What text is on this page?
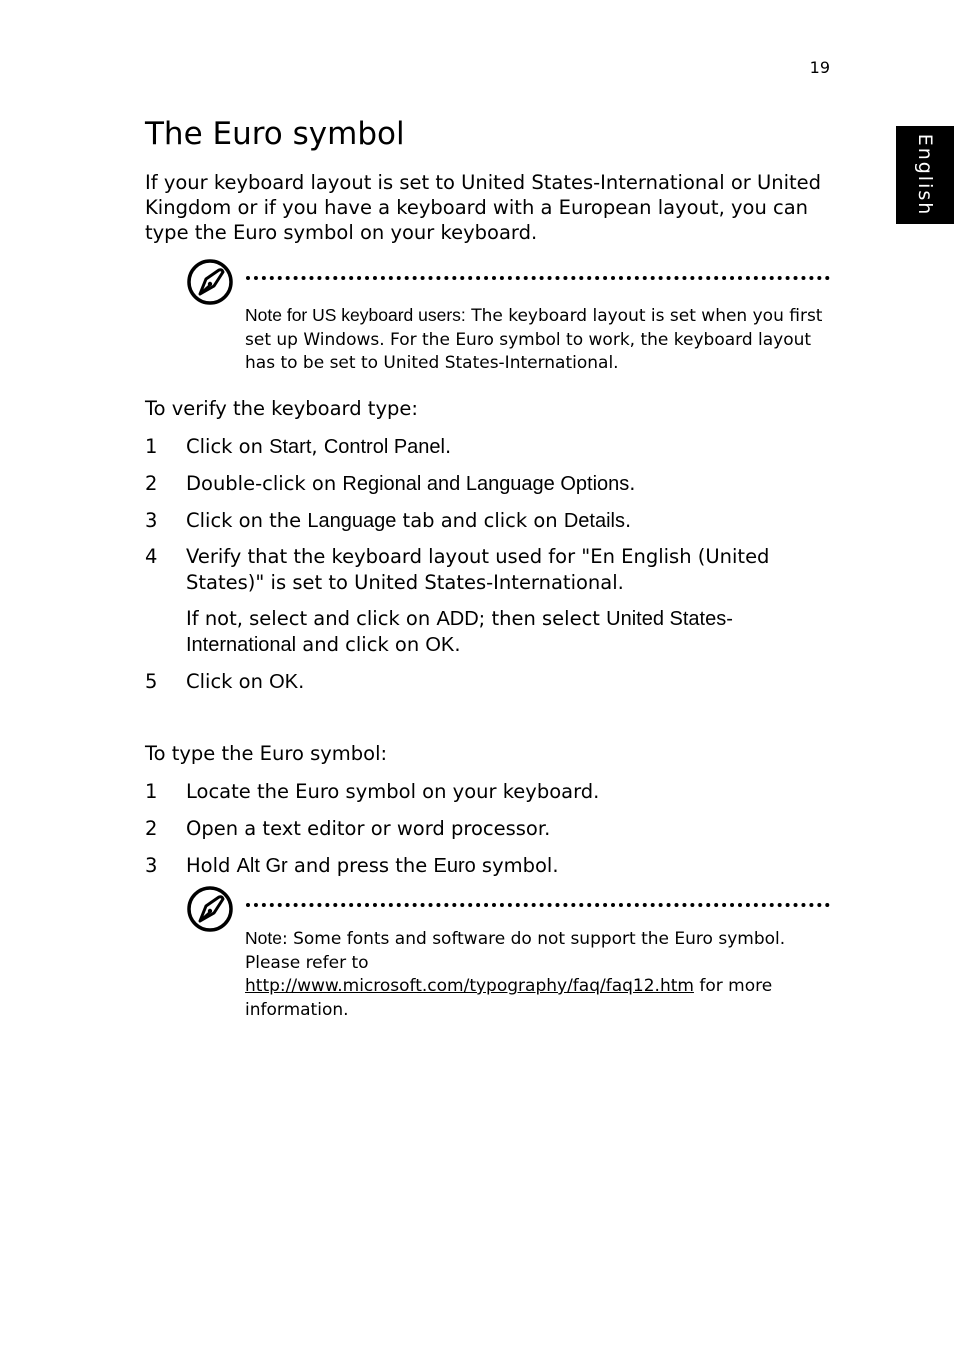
19
English
The Euro symbol

If your keyboard layout is set to United States-International or United Kingdom or if you have a keyboard with a European layout, you can type the Euro symbol on your keyboard.

Note for US keyboard users: The keyboard layout is set when you first set up Windows. For the Euro symbol to work, the keyboard layout has to be set to United States-International.

To verify the keyboard type:

1	Click on Start, Control Panel.
2	Double-click on Regional and Language Options.
3	Click on the Language tab and click on Details.
4	Verify that the keyboard layout used for "En English (United States)" is set to United States-International.
If not, select and click on ADD; then select United States-International and click on OK.
5	Click on OK.

To type the Euro symbol:

1	Locate the Euro symbol on your keyboard.
2	Open a text editor or word processor.
3	Hold Alt Gr and press the Euro symbol.

Note: Some fonts and software do not support the Euro symbol. Please refer to http://www.microsoft.com/typography/faq/faq12.htm for more information.
